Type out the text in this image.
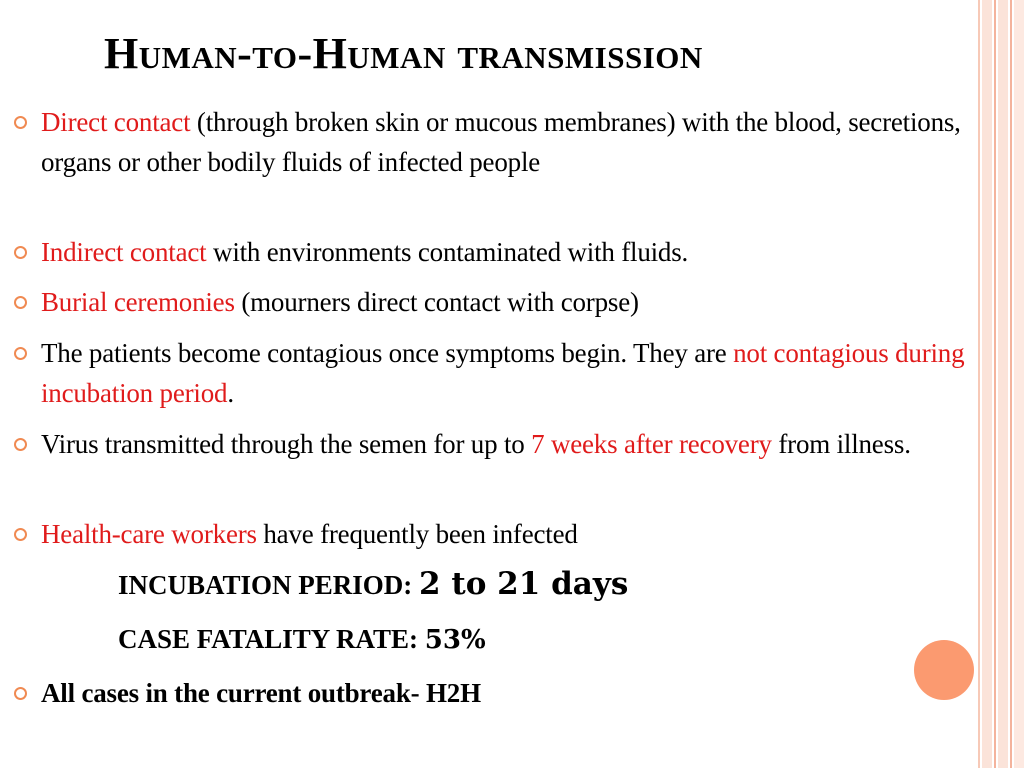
Human-to-Human transmission
Direct contact (through broken skin or mucous membranes) with the blood, secretions, organs or other bodily fluids of infected people
Indirect contact with environments contaminated with fluids.
Burial ceremonies (mourners direct contact with corpse)
The patients become contagious once symptoms begin. They are not contagious during incubation period.
Virus transmitted through the semen for up to 7 weeks after recovery from illness.
Health-care workers have frequently been infected
INCUBATION PERIOD: 2 to 21 days
CASE FATALITY RATE: 53%
All cases in the current outbreak- H2H
